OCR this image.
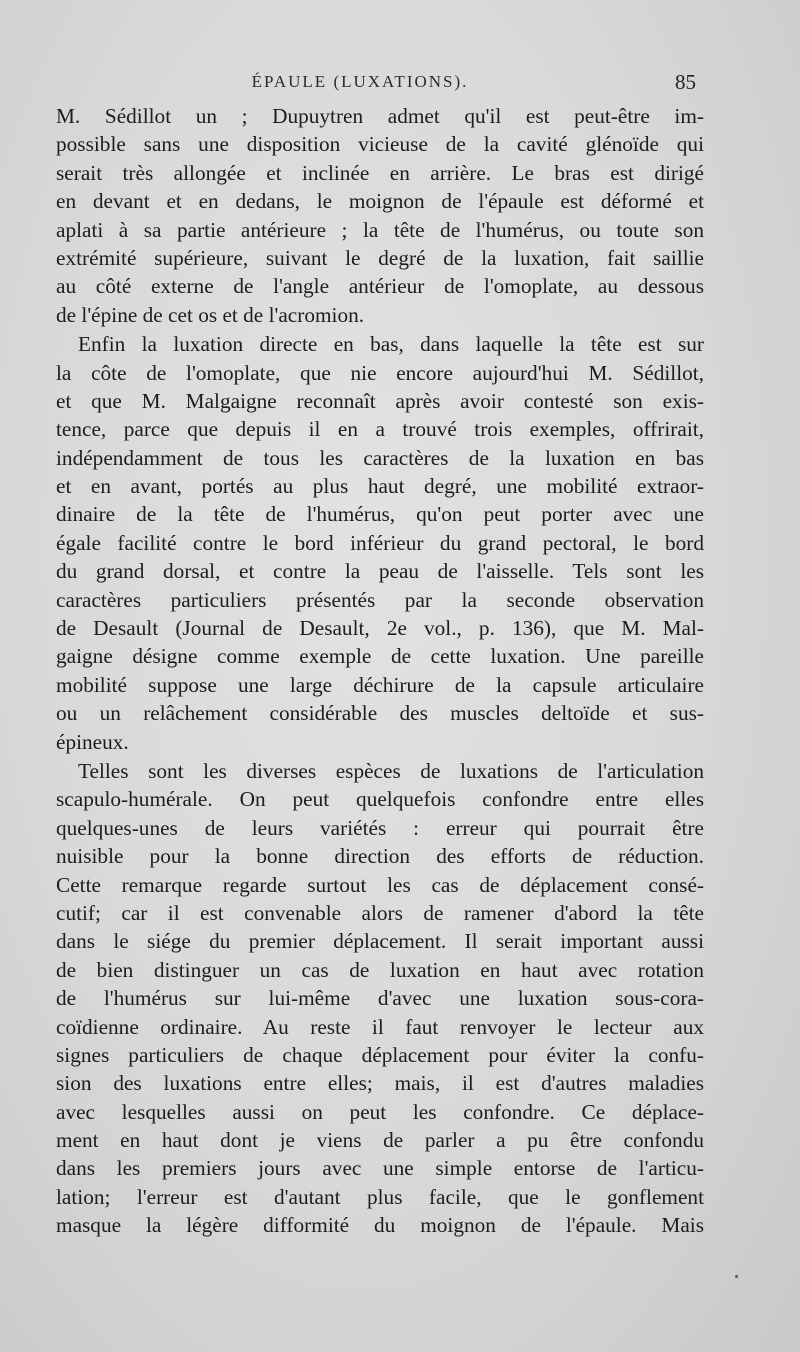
ÉPAULE (LUXATIONS).	85
M. Sédillot un ; Dupuytren admet qu'il est peut-être im-
possible sans une disposition vicieuse de la cavité glénoïde qui
serait très allongée et inclinée en arrière. Le bras est dirigé
en devant et en dedans, le moignon de l'épaule est déformé et
aplati à sa partie antérieure ; la tête de l'humérus, ou toute son
extrémité supérieure, suivant le degré de la luxation, fait saillie
au côté externe de l'angle antérieur de l'omoplate, au dessous
de l'épine de cet os et de l'acromion.
Enfin la luxation directe en bas, dans laquelle la tête est sur
la côte de l'omoplate, que nie encore aujourd'hui M. Sédillot,
et que M. Malgaigne reconnaît après avoir contesté son exis-
tence, parce que depuis il en a trouvé trois exemples, offrirait,
indépendamment de tous les caractères de la luxation en bas
et en avant, portés au plus haut degré, une mobilité extraor-
dinaire de la tête de l'humérus, qu'on peut porter avec une
égale facilité contre le bord inférieur du grand pectoral, le bord
du grand dorsal, et contre la peau de l'aisselle. Tels sont les
caractères particuliers présentés par la seconde observation
de Desault (Journal de Desault, 2e vol., p. 136), que M. Mal-
gaigne désigne comme exemple de cette luxation. Une pareille
mobilité suppose une large déchirure de la capsule articulaire
ou un relâchement considérable des muscles deltoïde et sus-
épineux.
Telles sont les diverses espèces de luxations de l'articulation
scapulo-humérale. On peut quelquefois confondre entre elles
quelques-unes de leurs variétés : erreur qui pourrait être
nuisible pour la bonne direction des efforts de réduction.
Cette remarque regarde surtout les cas de déplacement consé-
cutif; car il est convenable alors de ramener d'abord la tête
dans le siége du premier déplacement. Il serait important aussi
de bien distinguer un cas de luxation en haut avec rotation
de l'humérus sur lui-même d'avec une luxation sous-cora-
coïdienne ordinaire. Au reste il faut renvoyer le lecteur aux
signes particuliers de chaque déplacement pour éviter la confu-
sion des luxations entre elles; mais, il est d'autres maladies
avec lesquelles aussi on peut les confondre. Ce déplace-
ment en haut dont je viens de parler a pu être confondu
dans les premiers jours avec une simple entorse de l'articu-
lation; l'erreur est d'autant plus facile, que le gonflement
masque la légère difformité du moignon de l'épaule. Mais
